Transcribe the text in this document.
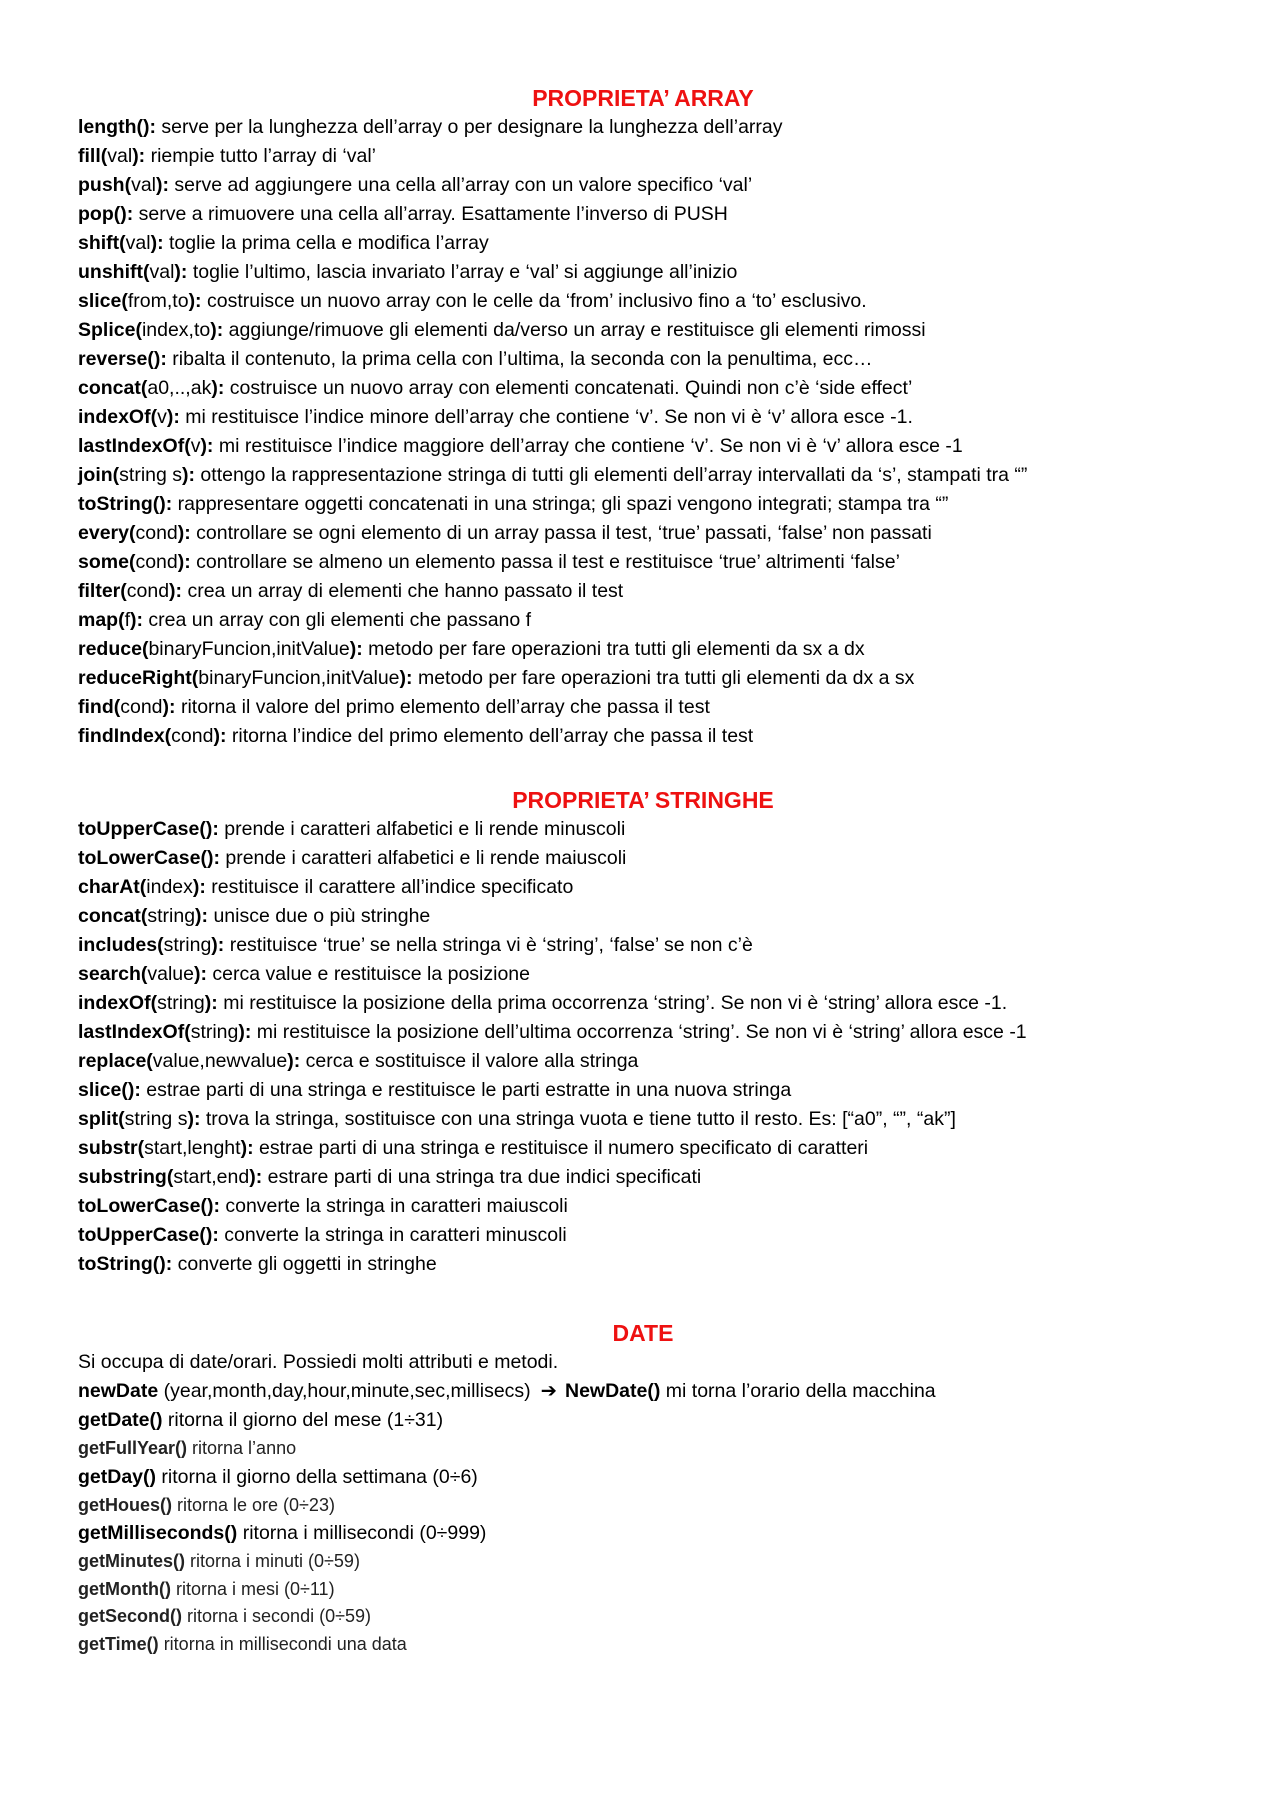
PROPRIETA’ ARRAY
length(): serve per la lunghezza dell’array o per designare la lunghezza dell’array
fill(val): riempie tutto l’array di ‘val’
push(val): serve ad aggiungere una cella all’array con un valore specifico ‘val’
pop(): serve a rimuovere una cella all’array. Esattamente l’inverso di PUSH
shift(val): toglie la prima cella e modifica l’array
unshift(val): toglie l’ultimo, lascia invariato l’array e ‘val’ si aggiunge all’inizio
slice(from,to): costruisce un nuovo array con le celle da ‘from’ inclusivo fino a ‘to’ esclusivo.
Splice(index,to): aggiunge/rimuove gli elementi da/verso un array e restituisce gli elementi rimossi
reverse(): ribalta il contenuto, la prima cella con l’ultima, la seconda con la penultima, ecc…
concat(a0,..,ak): costruisce un nuovo array con elementi concatenati. Quindi non c’è ‘side effect’
indexOf(v): mi restituisce l’indice minore dell’array che contiene ‘v’. Se non vi è ‘v’ allora esce -1.
lastIndexOf(v): mi restituisce l’indice maggiore dell’array che contiene ‘v’. Se non vi è ‘v’ allora esce -1
join(string s): ottengo la rappresentazione stringa di tutti gli elementi dell’array intervallati da ‘s’, stampati tra “”
toString(): rappresentare oggetti concatenati in una stringa; gli spazi vengono integrati; stampa tra “”
every(cond): controllare se ogni elemento di un array passa il test, ‘true’ passati, ‘false’ non passati
some(cond): controllare se almeno un elemento passa il test e restituisce ‘true’ altrimenti ‘false’
filter(cond): crea un array di elementi che hanno passato il test
map(f): crea un array con gli elementi che passano f
reduce(binaryFuncion,initValue): metodo per fare operazioni tra tutti gli elementi da sx a dx
reduceRight(binaryFuncion,initValue): metodo per fare operazioni tra tutti gli elementi da dx a sx
find(cond): ritorna il valore del primo elemento dell’array che passa il test
findIndex(cond): ritorna l’indice del primo elemento dell’array che passa il test
PROPRIETA’ STRINGHE
toUpperCase(): prende i caratteri alfabetici e li rende minuscoli
toLowerCase(): prende i caratteri alfabetici e li rende maiuscoli
charAt(index): restituisce il carattere all’indice specificato
concat(string): unisce due o più stringhe
includes(string): restituisce ‘true’ se nella stringa vi è ‘string’, ‘false’ se non c’è
search(value): cerca value e restituisce la posizione
indexOf(string): mi restituisce la posizione della prima occorrenza ‘string’. Se non vi è ‘string’ allora esce -1.
lastIndexOf(string): mi restituisce la posizione dell’ultima occorrenza ‘string’. Se non vi è ‘string’ allora esce -1
replace(value,newvalue): cerca e sostituisce il valore alla stringa
slice(): estrae parti di una stringa e restituisce le parti estratte in una nuova stringa
split(string s): trova la stringa, sostituisce con una stringa vuota e tiene tutto il resto. Es: [“a0”, “”, “ak”]
substr(start,lenght): estrae parti di una stringa e restituisce il numero specificato di caratteri
substring(start,end): estrare parti di una stringa tra due indici specificati
toLowerCase(): converte la stringa in caratteri maiuscoli
toUpperCase(): converte la stringa in caratteri minuscoli
toString(): converte gli oggetti in stringhe
DATE
Si occupa di date/orari. Possiedi molti attributi e metodi.
newDate (year,month,day,hour,minute,sec,millisecs) ➔ NewDate() mi torna l’orario della macchina
getDate() ritorna il giorno del mese (1÷31)
getFullYear() ritorna l’anno
getDay() ritorna il giorno della settimana (0÷6)
getHoues() ritorna le ore (0÷23)
getMilliseconds() ritorna i millisecondi (0÷999)
getMinutes() ritorna i minuti (0÷59)
getMonth() ritorna i mesi (0÷11)
getSecond() ritorna i secondi (0÷59)
getTime() ritorna in millisecondi una data
